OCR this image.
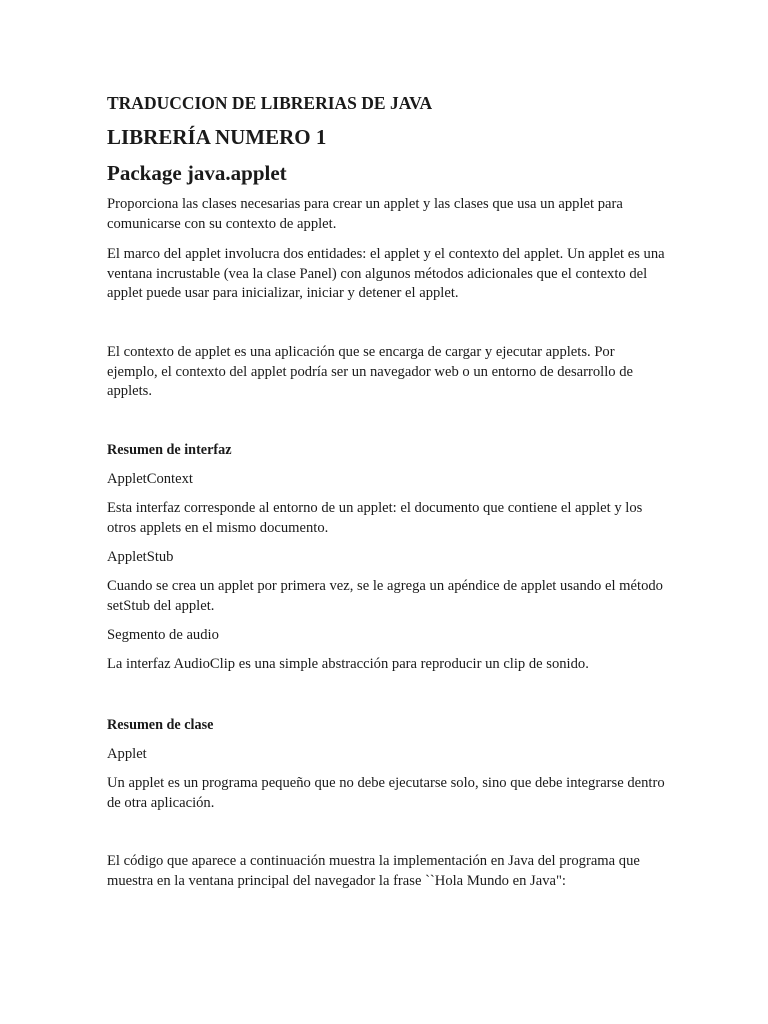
TRADUCCION DE LIBRERIAS DE JAVA
LIBRERÍA NUMERO 1
Package java.applet

Proporciona las clases necesarias para crear un applet y las clases que usa un applet para comunicarse con su contexto de applet.

El marco del applet involucra dos entidades: el applet y el contexto del applet. Un applet es una ventana incrustable (vea la clase Panel) con algunos métodos adicionales que el contexto del applet puede usar para inicializar, iniciar y detener el applet.

El contexto de applet es una aplicación que se encarga de cargar y ejecutar applets. Por ejemplo, el contexto del applet podría ser un navegador web o un entorno de desarrollo de applets.

Resumen de interfaz
AppletContext

Esta interfaz corresponde al entorno de un applet: el documento que contiene el applet y los otros applets en el mismo documento.

AppletStub

Cuando se crea un applet por primera vez, se le agrega un apéndice de applet usando el método setStub del applet.

Segmento de audio

La interfaz AudioClip es una simple abstracción para reproducir un clip de sonido.

Resumen de clase
Applet

Un applet es un programa pequeño que no debe ejecutarse solo, sino que debe integrarse dentro de otra aplicación.

El código que aparece a continuación muestra la implementación en Java del programa que muestra en la ventana principal del navegador la frase ``Hola Mundo en Java":
